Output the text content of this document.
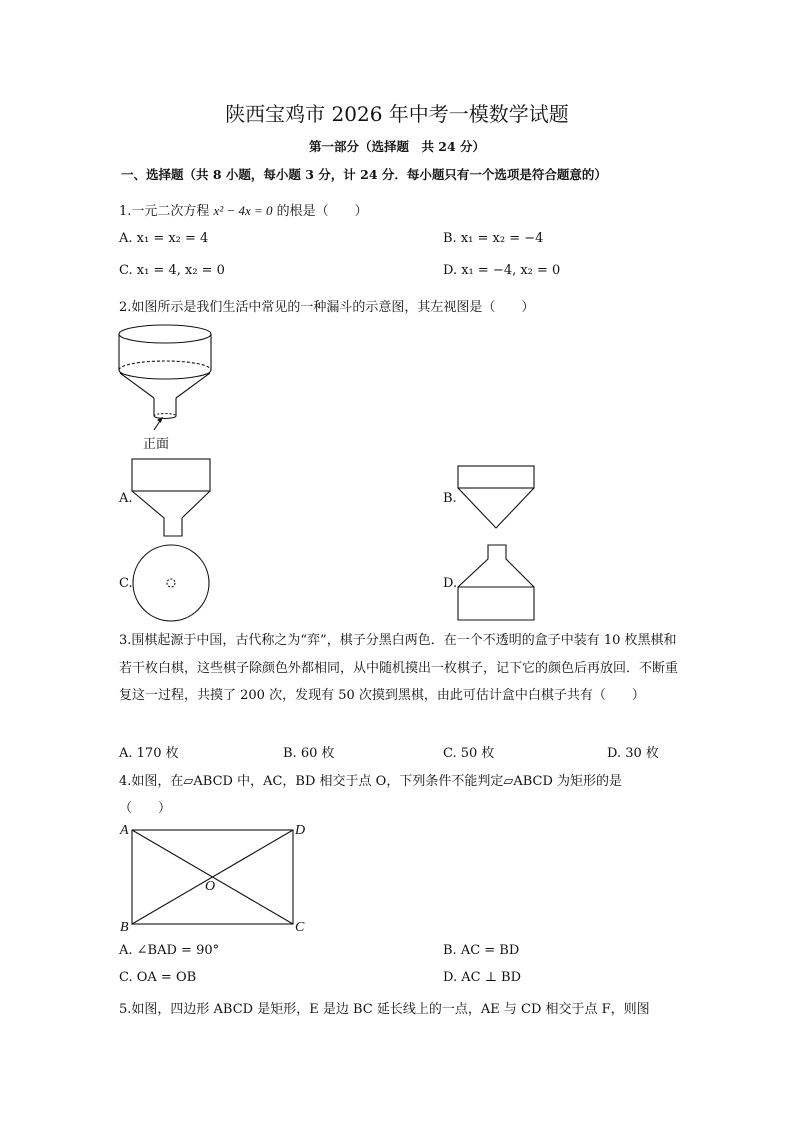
陕西宝鸡市 2026 年中考一模数学试题
第一部分（选择题　共 24 分）
一、选择题（共 8 小题，每小题 3 分，计 24 分．每小题只有一个选项是符合题意的）
1.一元二次方程 x² − 4x = 0 的根是（　　）
A. x₁ = x₂ = 4	B. x₁ = x₂ = −4
C. x₁ = 4, x₂ = 0	D. x₁ = −4, x₂ = 0
2.如图所示是我们生活中常见的一种漏斗的示意图，其左视图是（　　）
正面
A.	B.
C.	D.
3.围棋起源于中国，古代称之为“弈”，棋子分黑白两色．在一个不透明的盒子中装有 10 枚黑棋和若干枚白棋，这些棋子除颜色外都相同，从中随机摸出一枚棋子，记下它的颜色后再放回．不断重复这一过程，共摸了 200 次，发现有 50 次摸到黑棋，由此可估计盒中白棋子共有（　　）
A. 170 枚	B. 60 枚	C. 50 枚	D. 30 枚
4.如图，在▱ABCD 中，AC，BD 相交于点 O，下列条件不能判定▱ABCD 为矩形的是
（　　）
A	D
B	C
O
A. ∠BAD = 90°	B. AC = BD
C. OA = OB	D. AC ⊥ BD
5.如图，四边形 ABCD 是矩形，E 是边 BC 延长线上的一点，AE 与 CD 相交于点 F，则图
